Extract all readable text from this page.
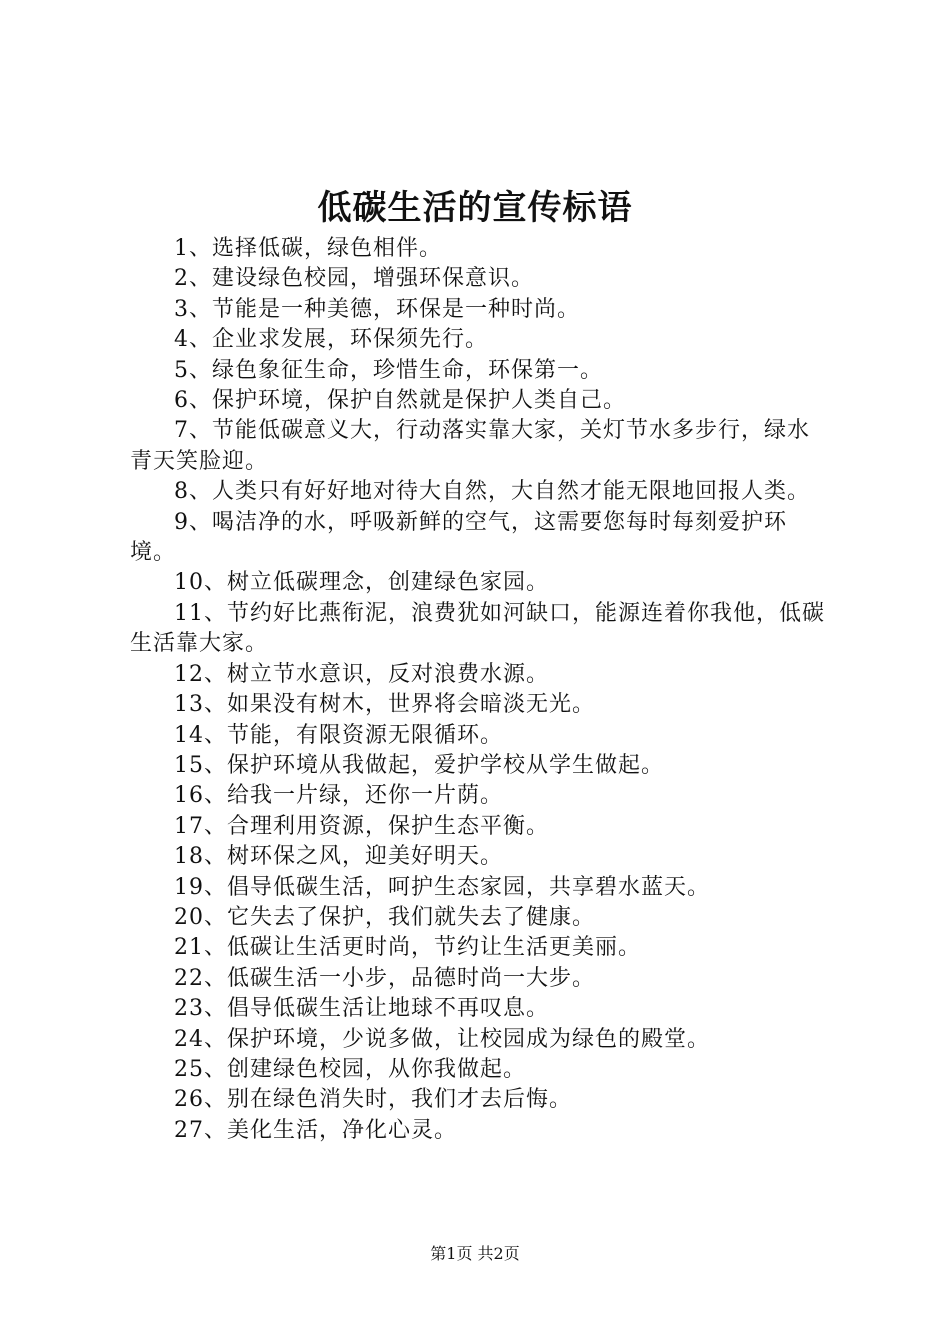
低碳生活的宣传标语

1、选择低碳，绿色相伴。

2、建设绿色校园，增强环保意识。

3、节能是一种美德，环保是一种时尚。

4、企业求发展，环保须先行。

5、绿色象征生命，珍惜生命，环保第一。

6、保护环境，保护自然就是保护人类自己。

7、节能低碳意义大，行动落实靠大家，关灯节水多步行，绿水青天笑脸迎。

8、人类只有好好地对待大自然，大自然才能无限地回报人类。

9、喝洁净的水，呼吸新鲜的空气，这需要您每时每刻爱护环境。

10、树立低碳理念，创建绿色家园。

11、节约好比燕衔泥，浪费犹如河缺口，能源连着你我他，低碳生活靠大家。

12、树立节水意识，反对浪费水源。

13、如果没有树木，世界将会暗淡无光。

14、节能，有限资源无限循环。

15、保护环境从我做起，爱护学校从学生做起。

16、给我一片绿，还你一片荫。

17、合理利用资源，保护生态平衡。

18、树环保之风，迎美好明天。

19、倡导低碳生活，呵护生态家园，共享碧水蓝天。

20、它失去了保护，我们就失去了健康。

21、低碳让生活更时尚，节约让生活更美丽。

22、低碳生活一小步，品德时尚一大步。

23、倡导低碳生活让地球不再叹息。

24、保护环境，少说多做，让校园成为绿色的殿堂。

25、创建绿色校园，从你我做起。

26、别在绿色消失时，我们才去后悔。

27、美化生活，净化心灵。

第1页 共2页
